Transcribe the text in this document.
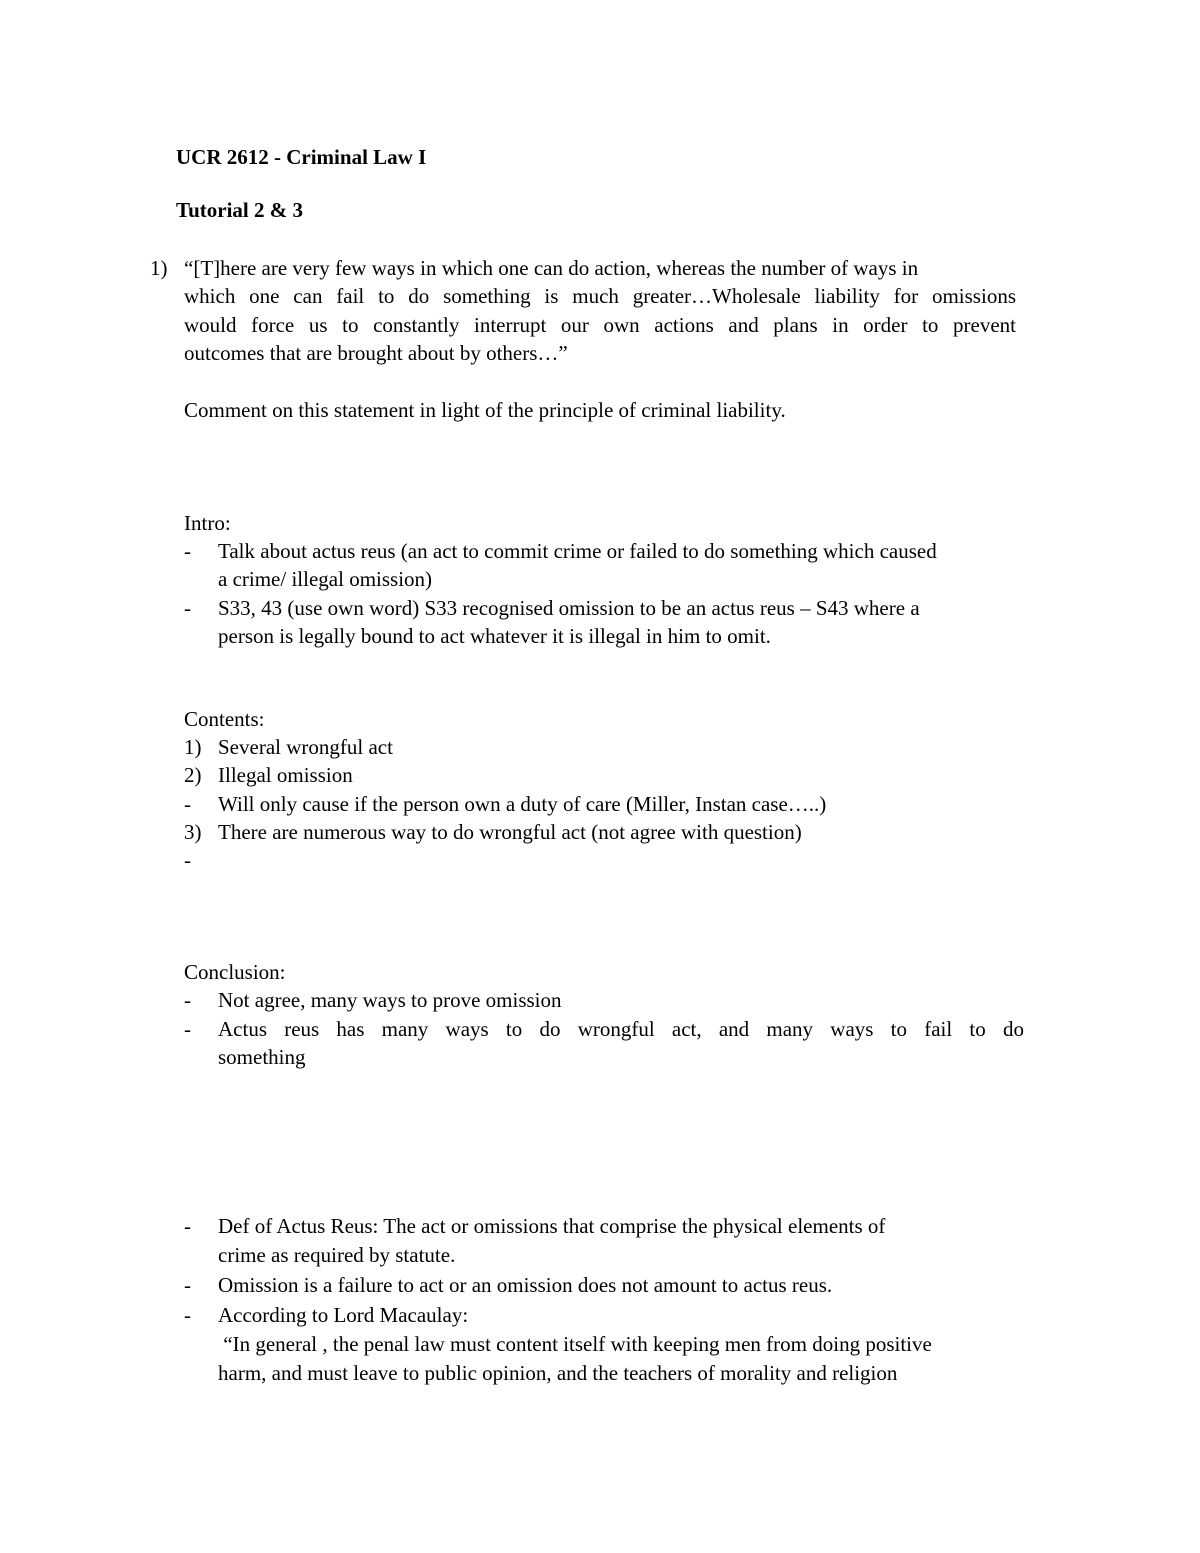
UCR 2612 - Criminal Law I
Tutorial 2 & 3
1) “[T]here are very few ways in which one can do action, whereas the number of ways in
which one can fail to do something is much greater…Wholesale liability for omissions
would force us to constantly interrupt our own actions and plans in order to prevent
outcomes that are brought about by others…”
Comment on this statement in light of the principle of criminal liability.
Intro:
- Talk about actus reus (an act to commit crime or failed to do something which caused
a crime/ illegal omission)
- S33, 43 (use own word) S33 recognised omission to be an actus reus – S43 where a
person is legally bound to act whatever it is illegal in him to omit.
Contents:
1) Several wrongful act
2) Illegal omission
- Will only cause if the person own a duty of care (Miller, Instan case…..)
3) There are numerous way to do wrongful act (not agree with question)
-
Conclusion:
- Not agree, many ways to prove omission
- Actus reus has many ways to do wrongful act, and many ways to fail to do
something
- Def of Actus Reus: The act or omissions that comprise the physical elements of
crime as required by statute.
- Omission is a failure to act or an omission does not amount to actus reus.
- According to Lord Macaulay:
“In general , the penal law must content itself with keeping men from doing positive
harm, and must leave to public opinion, and the teachers of morality and religion
